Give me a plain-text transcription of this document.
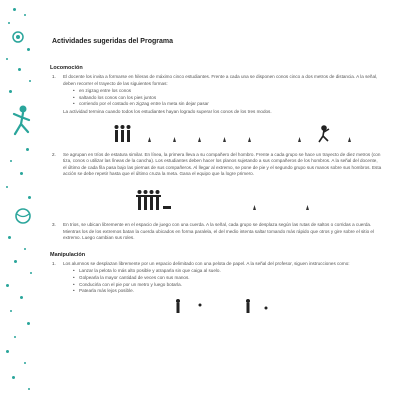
Actividades sugeridas del Programa
Locomoción
1. El docente los invita a formarse en hileras de máximo cinco estudiantes. Frente a cada una se disponen conos cinco a dos metros de distancia. A la señal, deben recorrer el trayecto de las siguientes formas:
• en zigzag entre los conos
• saltando los conos con los pies juntos
• corriendo por el costado en zigzag entre la meta sin dejar pasar
La actividad termina cuando todos los estudiantes hayan logrado superar los conos de los tres modos.
2. Se agrupan en tríos de estatura similar. En línea, la primera lleva a su compañero del hombro. Frente a cada grupo se hace un trayecto de diez metros (con tiza, conos o utilizar las líneas de la cancha). Los estudiantes deben hacer los planos sujetando a sus compañeros de los hombros. A la señal del docente, el último de cada fila pasa bajo las piernas de sus compañeros. Al llegar al extremo, se pone de pie y el segundo grupo sus manos sobre sus hombros. Esta acción se debe repetir hasta que el último cruza la meta. Gana el equipo que la logre primero.
3. En trios, se ubican libremente en el espacio de juego con una cuerda. A la señal, cada grupo se desplaza según las rutas de saltos o corridas a cuerda. Mientras los de los extremos batan la cuerda ubicados en forma paralela, el del medio intenta saltar tomando más rápido que otros y gire sobre el sitio el extremo. Luego cambian sus roles.
Manipulación
1. Los alumnos se desplazan libremente por un espacio delimitado con una pelota de papel. A la señal del profesor, siguen instrucciones como:
• Lanzar la pelota lo más alto posible y atraparla sin que caiga al suelo.
• Golpearla la mayor cantidad de veces con sus manos.
• Conducirla con el pie por un metro y luego botarla.
• Patearla más lejos posible.
